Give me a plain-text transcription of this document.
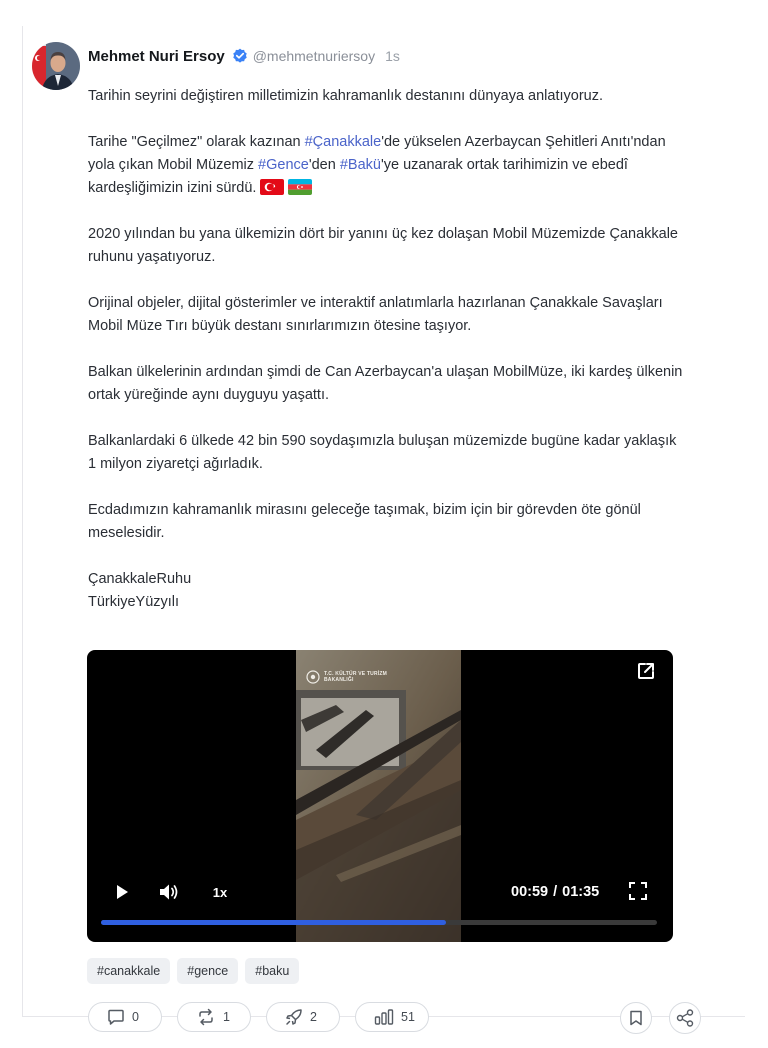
Mehmet Nuri Ersoy @mehmetnuriersoy 1s

Tarihin seyrini değiştiren milletimizin kahramanlık destanını dünyaya anlatıyoruz.

Tarihe "Geçilmez" olarak kazınan #Çanakkale'de yükselen Azerbaycan Şehitleri Anıtı'ndan yola çıkan Mobil Müzemiz #Gence'den #Bakü'ye uzanarak ortak tarihimizin ve ebedî kardeşliğimizin izini sürdü.

2020 yılından bu yana ülkemizin dört bir yanını üç kez dolaşan Mobil Müzemizde Çanakkale ruhunu yaşatıyoruz.

Orijinal objeler, dijital gösterimler ve interaktif anlatımlarla hazırlanan Çanakkale Savaşları Mobil Müze Tırı büyük destanı sınırlarımızın ötesine taşıyor.

Balkan ülkelerinin ardından şimdi de Can Azerbaycan'a ulaşan MobilMüze, iki kardeş ülkenin ortak yüreğinde aynı duyguyu yaşattı.

Balkanlardaki 6 ülkede 42 bin 590 soydaşımızla buluşan müzemizde bugüne kadar yaklaşık 1 milyon ziyaretçi ağırladık.

Ecdadımızın kahramanlık mirasını geleceğe taşımak, bizim için bir görevden öte gönül meselesidir.

ÇanakkaleRuhu

TürkiyeYüzyılı

T.C. KÜLTÜR VE TURİZM BAKANLIĞI
1x	00:59 / 01:35
#canakkale	#gence	#baku
0	1	2	51
